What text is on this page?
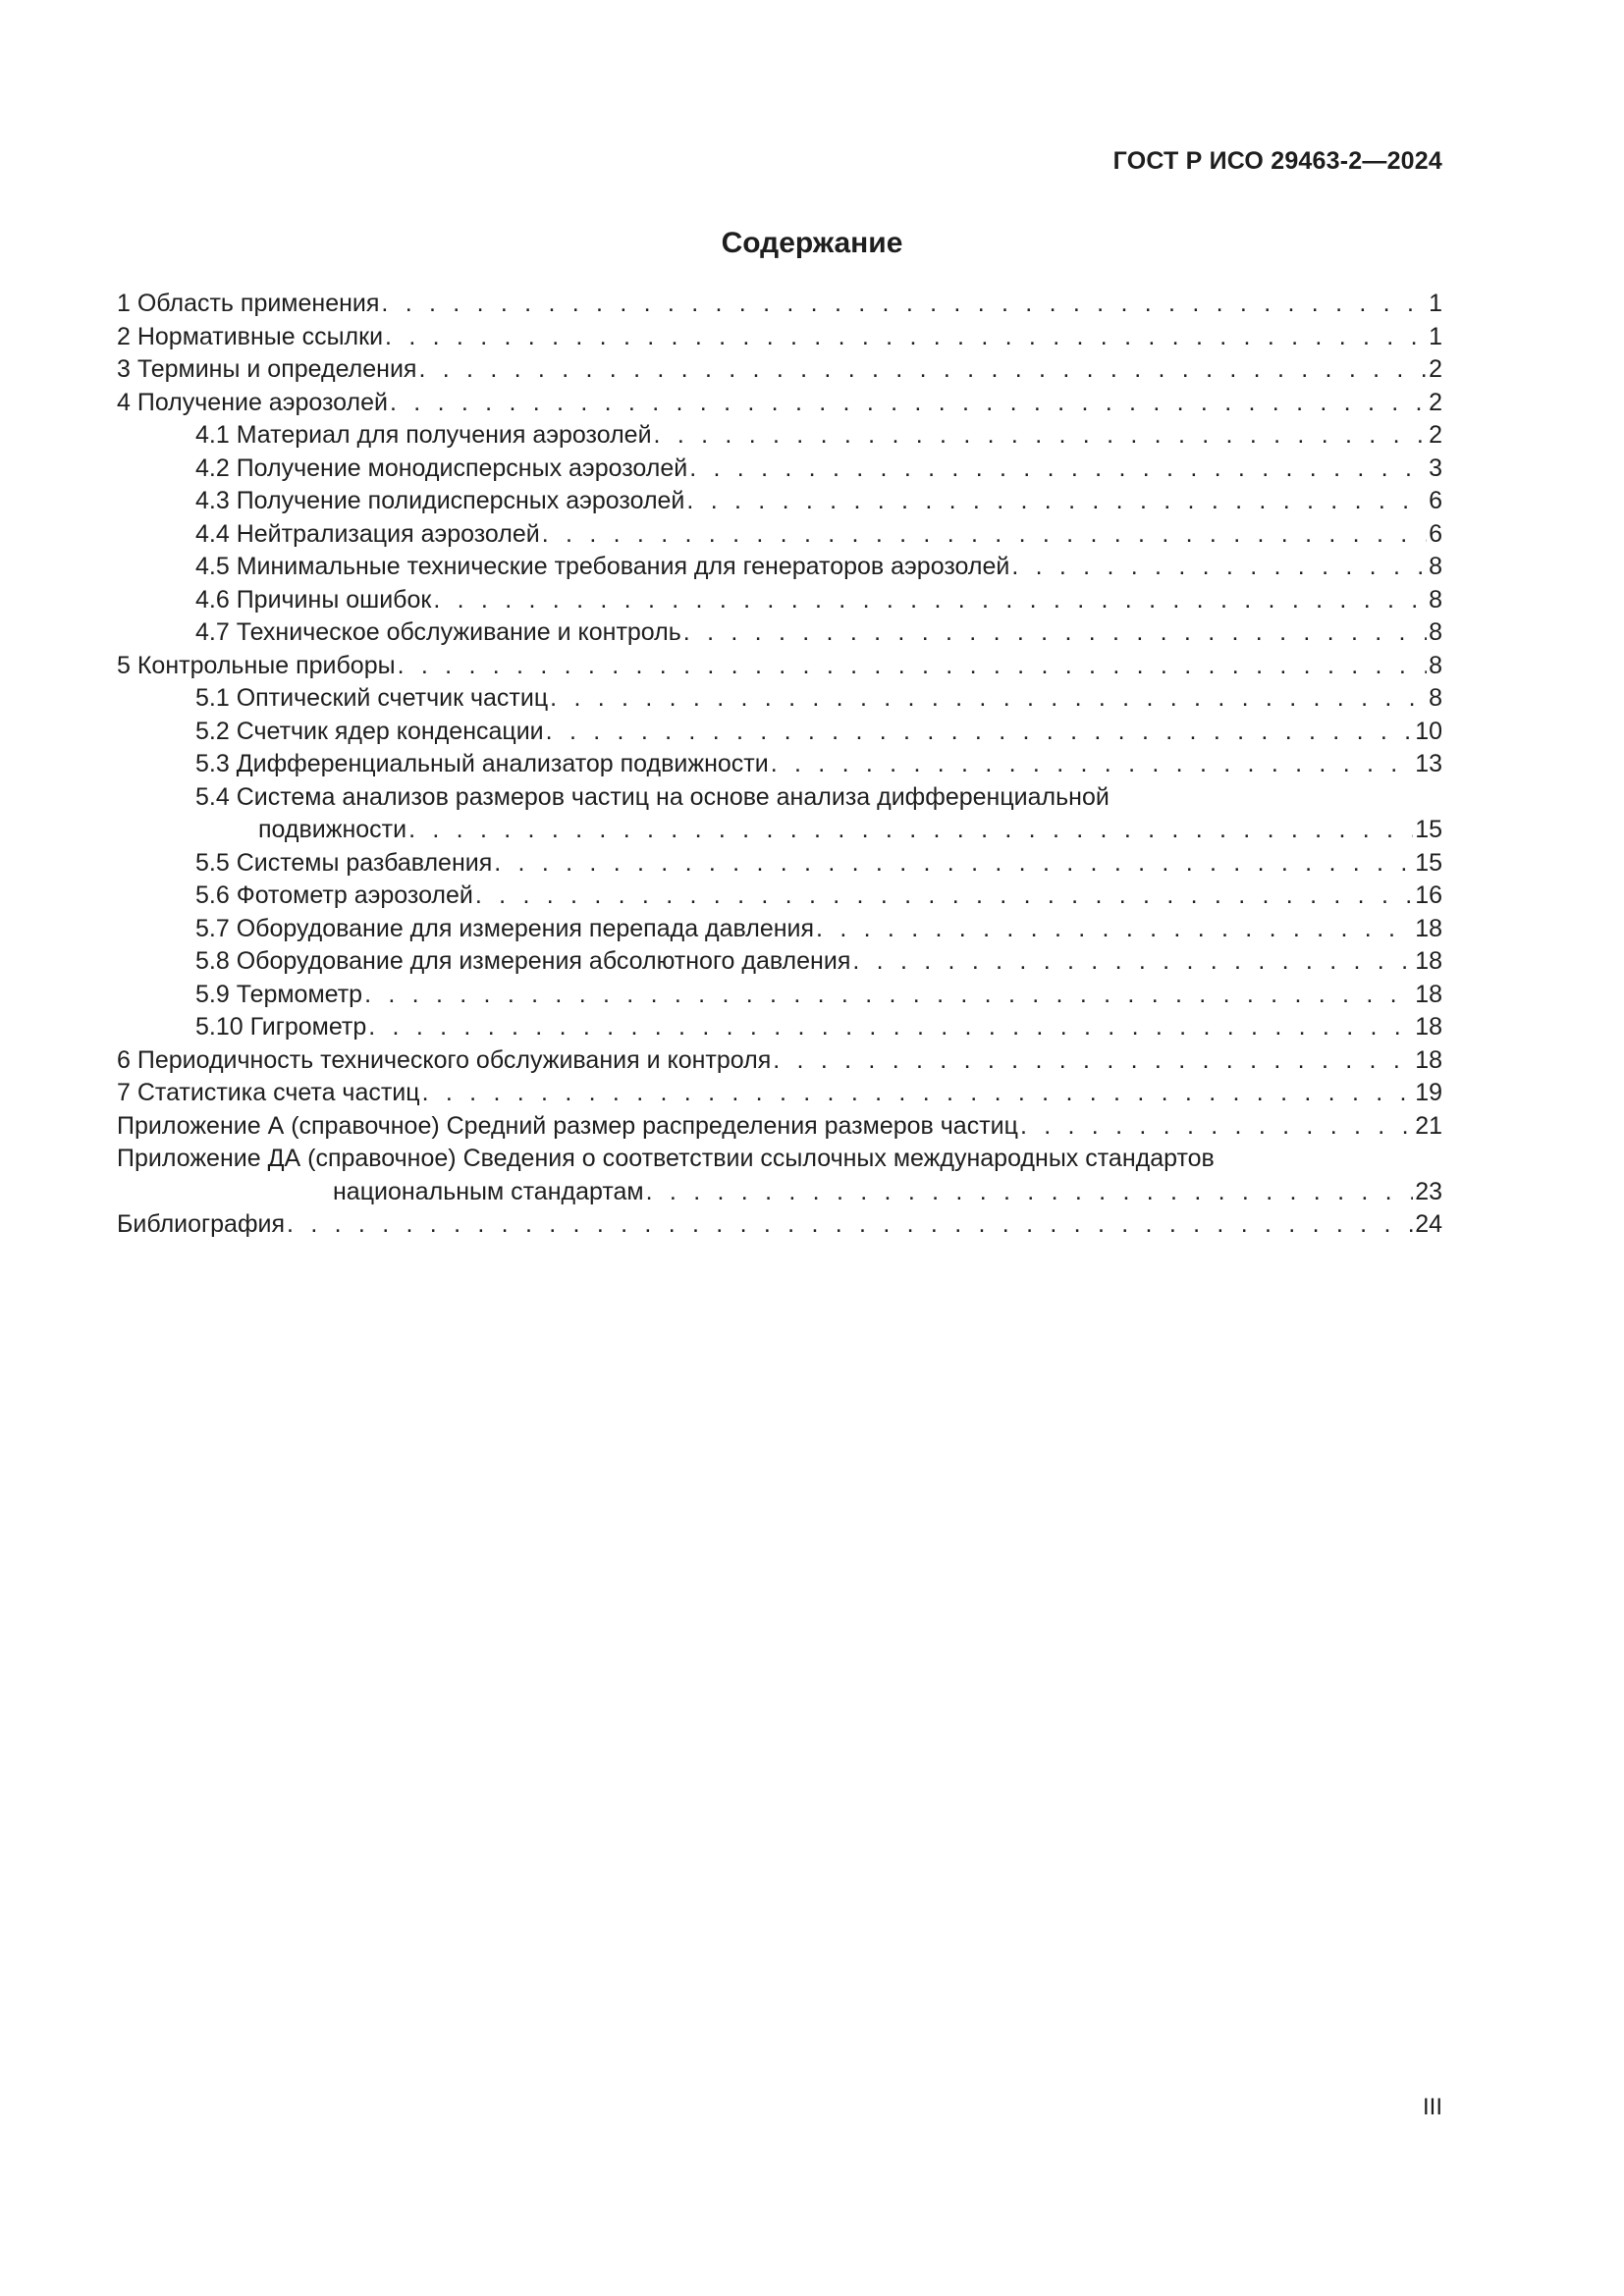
ГОСТ Р ИСО 29463-2—2024
Содержание
1 Область применения . . .	1
2 Нормативные ссылки . . .	1
3 Термины и определения . . .	2
4 Получение аэрозолей . . .	2
4.1 Материал для получения аэрозолей . . .	2
4.2 Получение монодисперсных аэрозолей . . .	3
4.3 Получение полидисперсных аэрозолей . . .	6
4.4 Нейтрализация аэрозолей . . .	6
4.5 Минимальные технические требования для генераторов аэрозолей . . .	8
4.6 Причины ошибок . . .	8
4.7 Техническое обслуживание и контроль . . .	8
5 Контрольные приборы . . .	8
5.1 Оптический счетчик частиц . . .	8
5.2 Счетчик ядер конденсации . . .	10
5.3 Дифференциальный анализатор подвижности . . .	13
5.4 Система анализов размеров частиц на основе анализа дифференциальной
подвижности . . .	15
5.5 Системы разбавления . . .	15
5.6 Фотометр аэрозолей . . .	16
5.7 Оборудование для измерения перепада давления . . .	18
5.8 Оборудование для измерения абсолютного давления . . .	18
5.9 Термометр . . .	18
5.10 Гигрометр . . .	18
6 Периодичность технического обслуживания и контроля . . .	18
7 Статистика счета частиц . . .	19
Приложение А (справочное) Средний размер распределения размеров частиц . . .	21
Приложение ДА (справочное) Сведения о соответствии ссылочных международных стандартов
национальным стандартам . . .	23
Библиография . . .	24
III
